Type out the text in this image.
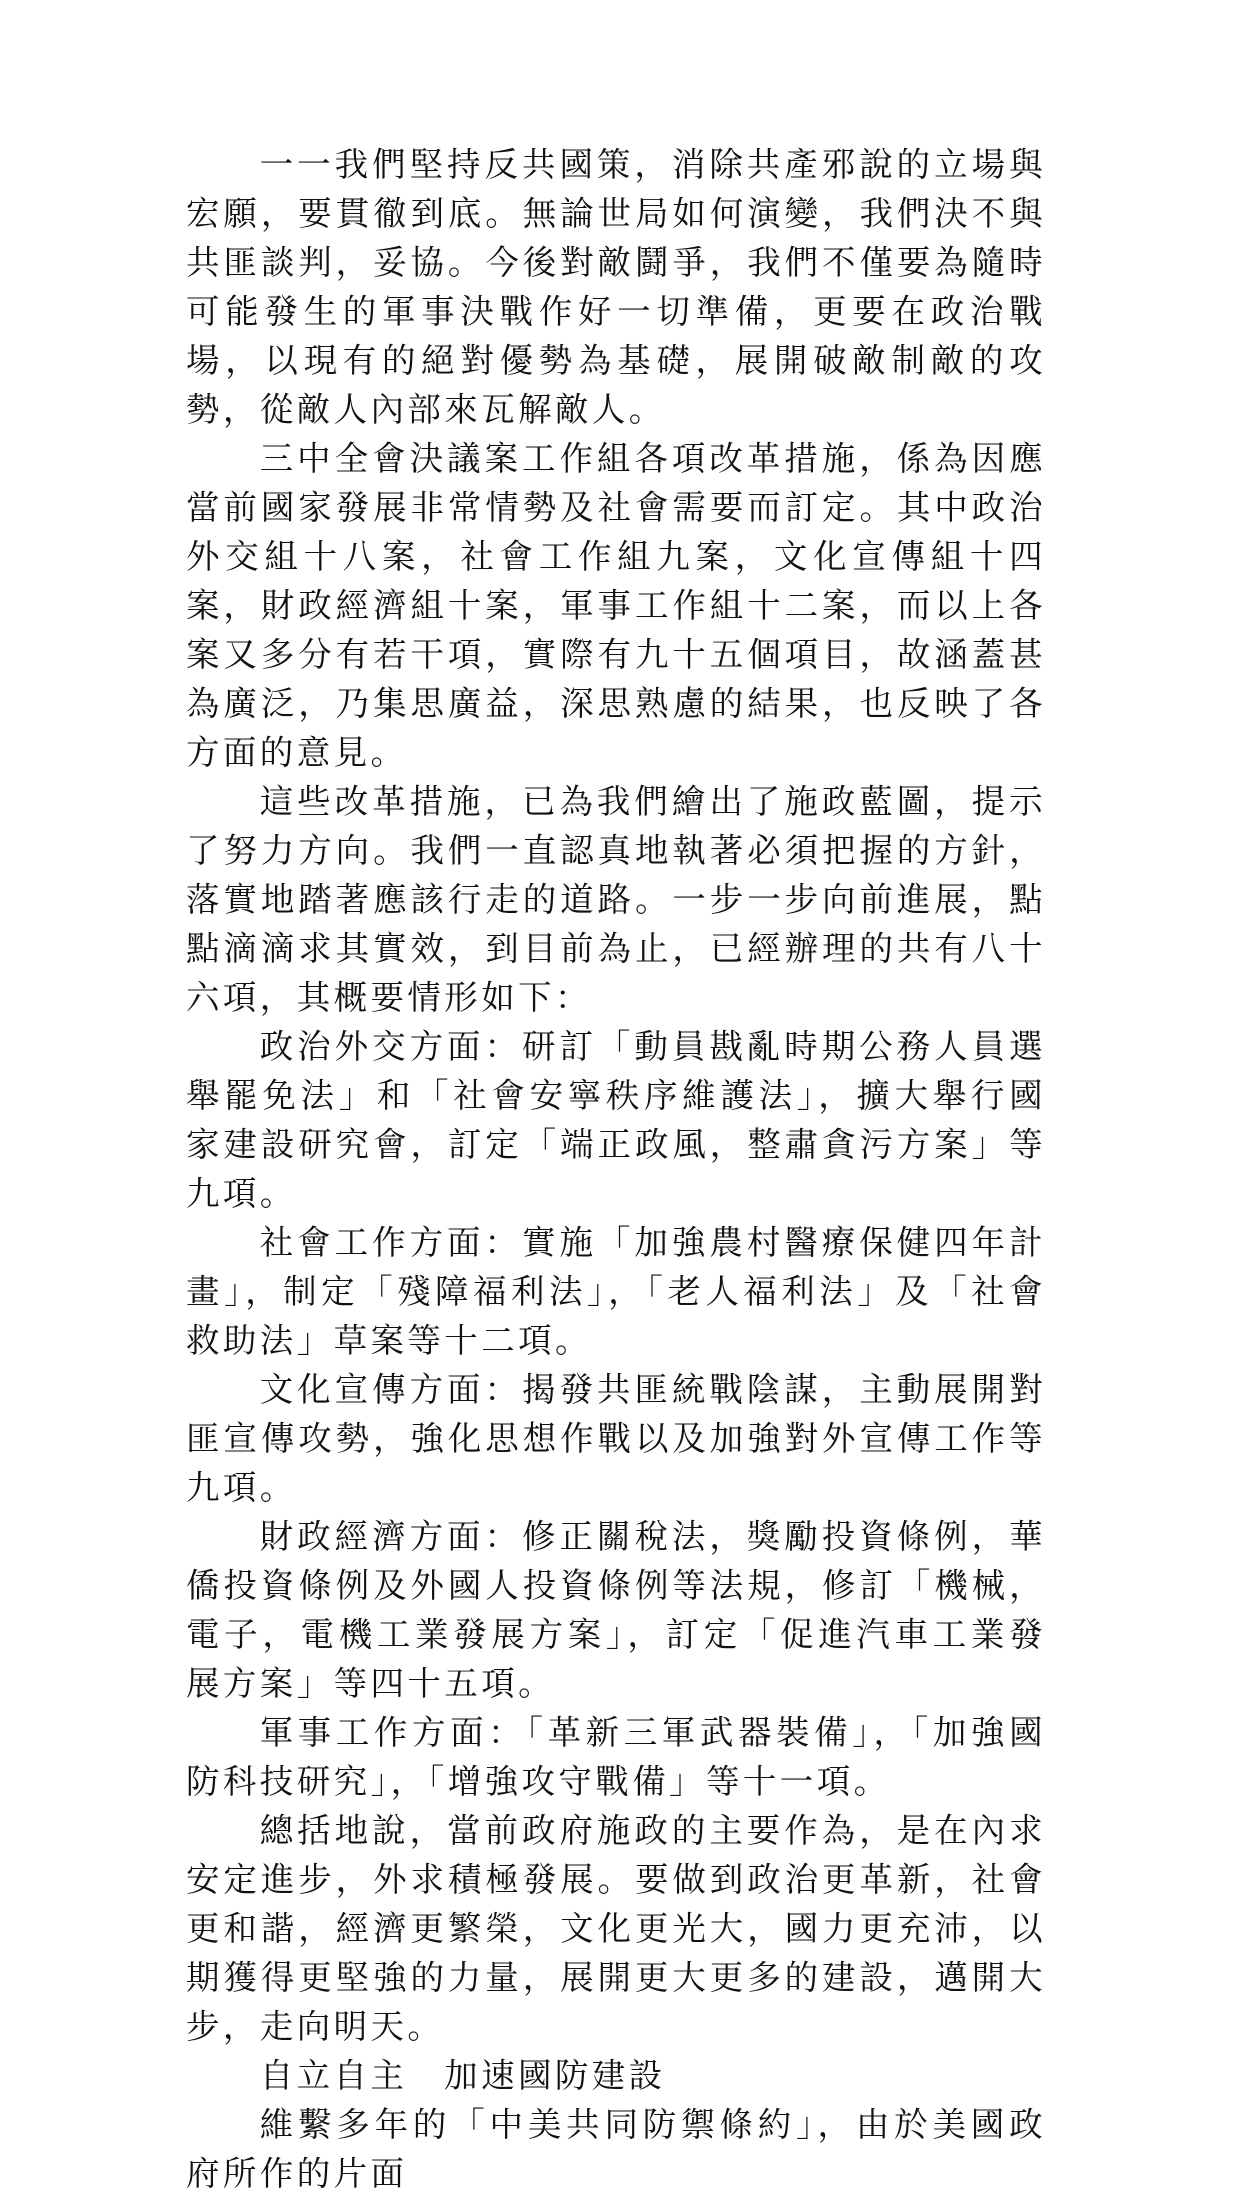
一一我們堅持反共國策，消除共產邪說的立場與宏願，要貫徹到底。無論世局如何演變，我們決不與共匪談判，妥協。今後對敵鬪爭，我們不僅要為隨時可能發生的軍事決戰作好一切準備，更要在政治戰場，以現有的絕對優勢為基礎，展開破敵制敵的攻勢，從敵人內部來瓦解敵人。

三中全會決議案工作組各項改革措施，係為因應當前國家發展非常情勢及社會需要而訂定。其中政治外交組十八案，社會工作組九案，文化宣傳組十四案，財政經濟組十案，軍事工作組十二案，而以上各案又多分有若干項，實際有九十五個項目，故涵蓋甚為廣泛，乃集思廣益，深思熟慮的結果，也反映了各方面的意見。

這些改革措施，已為我們繪出了施政藍圖，提示了努力方向。我們一直認真地執著必須把握的方針，落實地踏著應該行走的道路。一步一步向前進展，點點滴滴求其實效，到目前為止，已經辦理的共有八十六項，其概要情形如下：

政治外交方面：研訂「動員戡亂時期公務人員選舉罷免法」和「社會安寧秩序維護法」，擴大舉行國家建設研究會，訂定「端正政風，整肅貪污方案」等九項。

社會工作方面：實施「加強農村醫療保健四年計畫」，制定「殘障福利法」，「老人福利法」及「社會救助法」草案等十二項。

文化宣傳方面：揭發共匪統戰陰謀，主動展開對匪宣傳攻勢，強化思想作戰以及加強對外宣傳工作等九項。

財政經濟方面：修正關稅法，獎勵投資條例，華僑投資條例及外國人投資條例等法規，修訂「機械，電子，電機工業發展方案」，訂定「促進汽車工業發展方案」等四十五項。

軍事工作方面：「革新三軍武器裝備」，「加強國防科技研究」，「增強攻守戰備」等十一項。

總括地說，當前政府施政的主要作為，是在內求安定進步，外求積極發展。要做到政治更革新，社會更和諧，經濟更繁榮，文化更光大，國力更充沛，以期獲得更堅強的力量，展開更大更多的建設，邁開大步，走向明天。

自立自主　加速國防建設

維繫多年的「中美共同防禦條約」，由於美國政府所作的片面
